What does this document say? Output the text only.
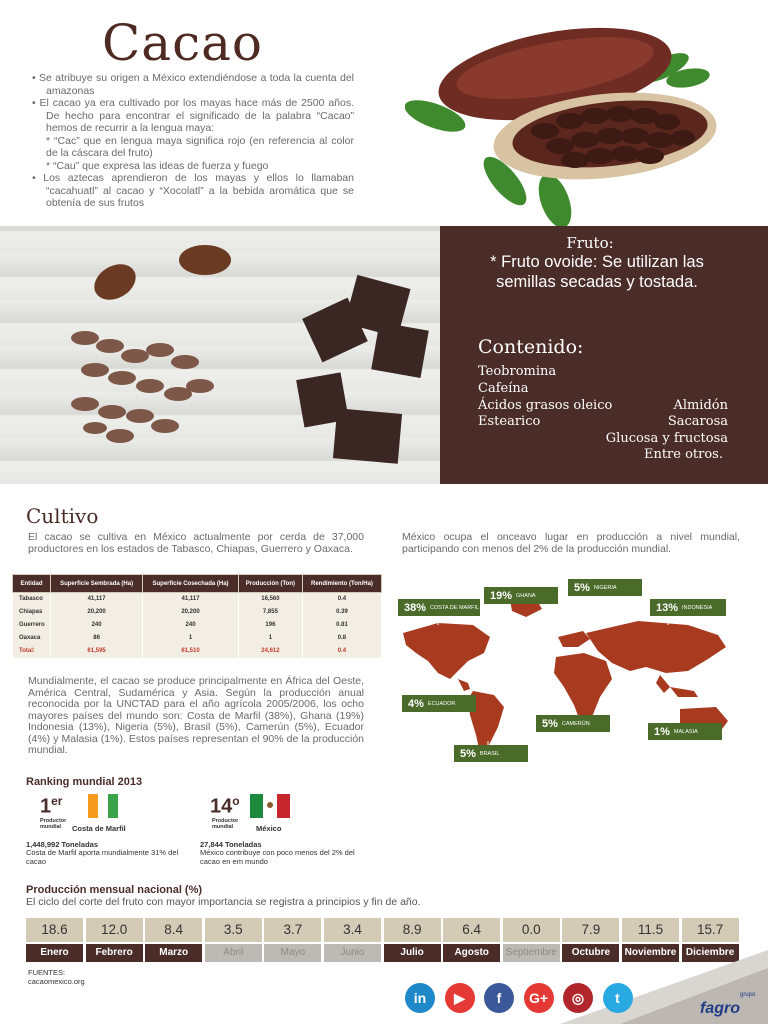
Cacao

• Se atribuye su origen a México extendiéndose a toda la cuenta del amazonas

• El cacao ya era cultivado por los mayas hace más de 2500 años. De hecho para encontrar el significado de la palabra “Cacao” hemos de recurrir a la lengua maya:

* “Cac” que en lengua maya significa rojo (en referencia al color de la cáscara del fruto)

* “Cau” que expresa las ideas de fuerza y fuego

• Los aztecas aprendieron de los mayas y ellos lo llamaban “cacahuatl” al cacao y “Xocolatl” a la bebida aromática que se obtenía de sus frutos

Fruto:
* Fruto ovoide: Se utilizan las semillas secadas y tostada.
Contenido:
Teobromina
Cafeína
Ácidos grasos oleico	Almidón
Estearico	Sacarosa
Glucosa y fructosa
Entre otros.
Cultivo
El cacao se cultiva en México actualmente por cerda de 37,000 productores en los estados de Tabasco, Chiapas, Guerrero y Oaxaca.
México ocupa el onceavo lugar en producción a nivel mundial, participando con menos del 2% de la producción mundial.
Entidad	Superficie Sembrada (Ha)	Superficie Cosechada (Ha)	Producción (Ton)	Rendimiento (Ton/Ha)
Tabasco	41,117	41,117	16,560	0.4
Chiapas	20,200	20,200	7,855	0.39
Guerrero	240	240	196	0.81
Oaxaca	86	1	1	0.8
Total:	61,595	61,510	24,612	0.4
38% COSTA DE MARFIL
19% GHANA
5% NIGERIA
13% INDONESIA
4% ECUADOR
5% CAMERÚN
1% MALASIA
5% BRASIL
Mundialmente, el cacao se produce principalmente en África del Oeste, América Central, Sudamérica y Asia. Según la producción anual reconocida por la UNCTAD para el año agrícola 2005/2006, los ocho mayores países del mundo son: Costa de Marfil (38%), Ghana (19%) Indonesia (13%), Nigeria (5%), Brasil (5%), Camerún (5%), Ecuador (4%) y Malasia (1%). Estos países representan el 90% de la producción mundial.
Ranking mundial 2013
1er
Productor mundial	Costa de Marfil
1,448,992 Toneladas
Costa de Marfil aporta mundialmente 31% del cacao
14$^o$
Productor mundial	México
27,844 Toneladas
México contribuye con poco menos del 2% del cacao en em mundo
Producción mensual nacional (%)
El ciclo del corte del fruto con mayor importancia se registra a principios y fin de año.
18.6
Enero
12.0
Febrero
8.4
Marzo
3.5
Abril
3.7
Mayo
3.4
Junio
8.9
Julio
6.4
Agosto
0.0
Septiembre
7.9
Octubre
11.5
Noviembre
15.7
Diciembre
FUENTES:
cacaomexico.org
in	▶	f	G+	◎	t	grupo
fagro
